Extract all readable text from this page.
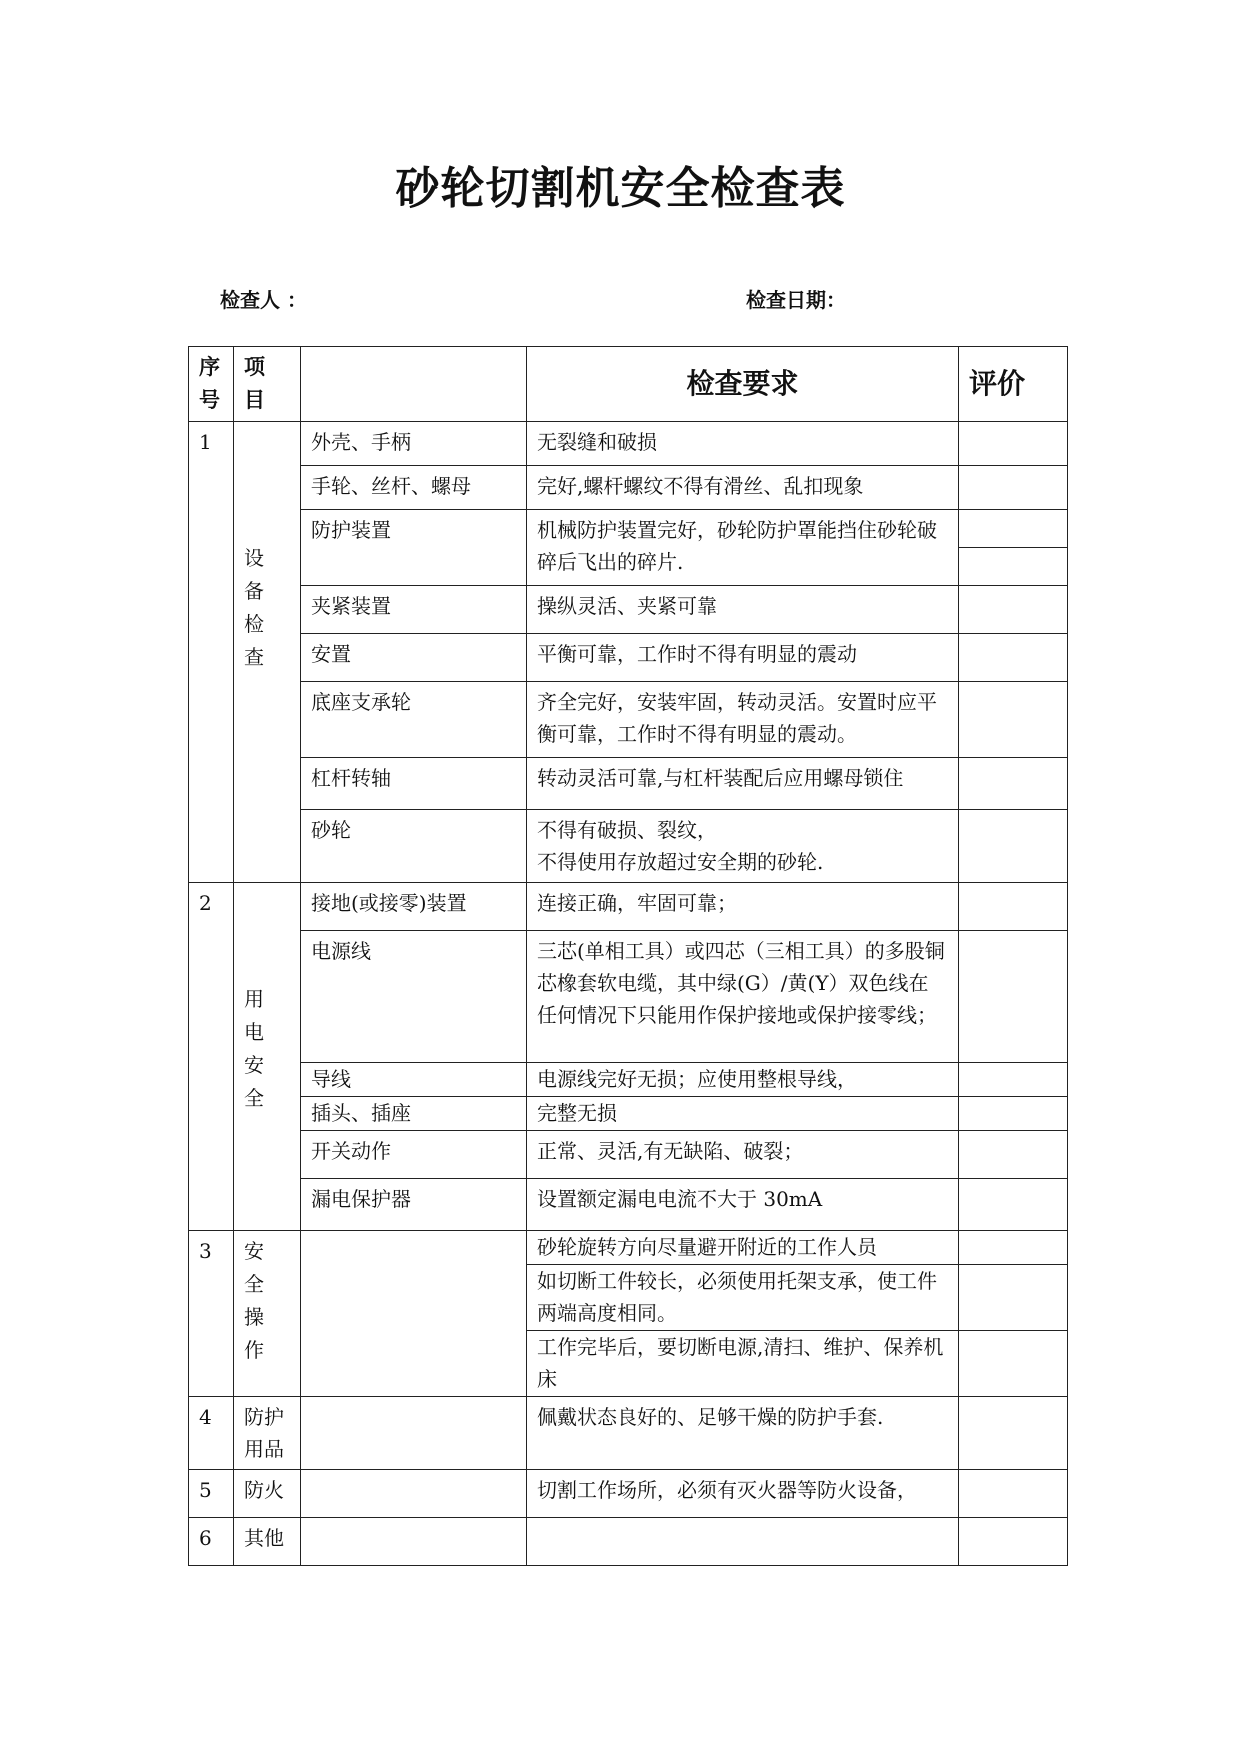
砂轮切割机安全检查表
检查人 ：	检查日期：
序号	项目		检查要求	评价
1	设备检查	外壳、手柄	无裂缝和破损	
		手轮、丝杆、螺母	完好,螺杆螺纹不得有滑丝、乱扣现象	
		防护装置	机械防护装置完好，砂轮防护罩能挡住砂轮破碎后飞出的碎片.	

		夹紧装置	操纵灵活、夹紧可靠	
		安置	平衡可靠，工作时不得有明显的震动	
		底座支承轮	齐全完好，安装牢固，转动灵活。安置时应平衡可靠，工作时不得有明显的震动。	
		杠杆转轴	转动灵活可靠,与杠杆装配后应用螺母锁住	
		砂轮	不得有破损、裂纹，
不得使用存放超过安全期的砂轮.	

2	用电安全	接地(或接零)装置	连接正确，牢固可靠；	
		电源线	三芯(单相工具）或四芯（三相工具）的多股铜芯橡套软电缆，其中绿(G）/黄(Y）双色线在任何情况下只能用作保护接地或保护接零线；	
		导线	电源线完好无损；应使用整根导线，	
		插头、插座	完整无损	
		开关动作	正常、灵活,有无缺陷、破裂；	
		漏电保护器	设置额定漏电电流不大于 30mA	
3	安全操作		砂轮旋转方向尽量避开附近的工作人员	
			如切断工件较长，必须使用托架支承，使工件两端高度相同。	
			工作完毕后，要切断电源,清扫、维护、保养机床	
4	防护用品		佩戴状态良好的、足够干燥的防护手套.	
5	防火		切割工作场所，必须有灭火器等防火设备，	
6	其他			
